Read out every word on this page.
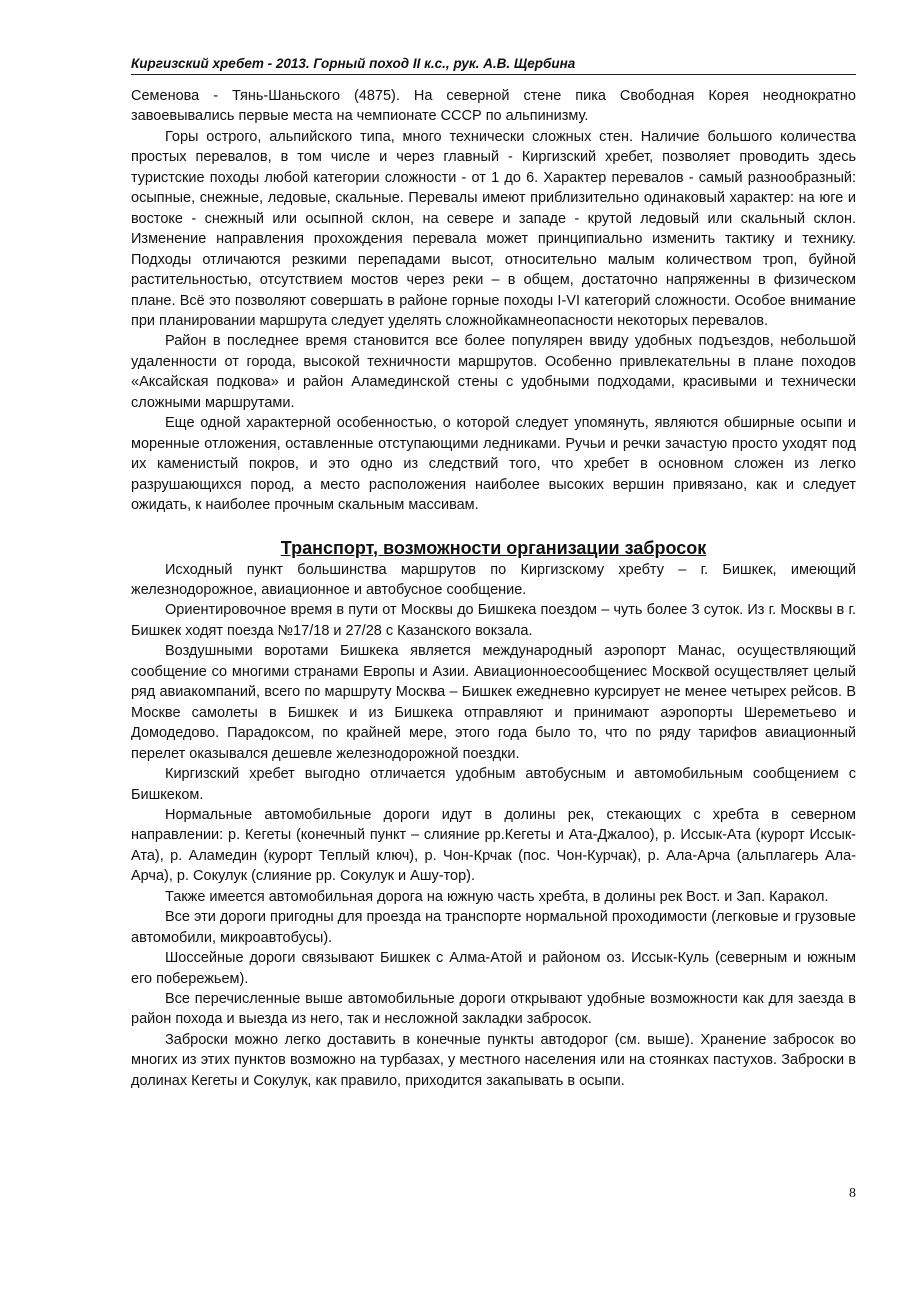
Киргизский хребет - 2013. Горный поход II к.с., рук. А.В. Щербина

Семенова - Тянь-Шаньского (4875). На северной стене пика Свободная Корея неоднократно завоевывались первые места на чемпионате СССР по альпинизму.

Горы острого, альпийского типа, много технически сложных стен. Наличие большого количества простых перевалов, в том числе и через главный - Киргизский хребет, позволяет проводить здесь туристские походы любой категории сложности - от 1 до 6. Характер перевалов - самый разнообразный: осыпные, снежные, ледовые, скальные. Перевалы имеют приблизительно одинаковый характер: на юге и востоке - снежный или осыпной склон, на севере и западе - крутой ледовый или скальный склон. Изменение направления прохождения перевала может принципиально изменить тактику и технику. Подходы отличаются резкими перепадами высот, относительно малым количеством троп, буйной растительностью, отсутствием мостов через реки – в общем, достаточно напряженны в физическом плане. Всё это позволяют совершать в районе горные походы I-VI категорий сложности. Особое внимание при планировании маршрута следует уделять сложнойкамнеопасности некоторых перевалов.

Район в последнее время становится все более популярен ввиду удобных подъездов, небольшой удаленности от города, высокой техничности маршрутов. Особенно привлекательны в плане походов «Аксайская подкова» и район Аламединской стены с удобными подходами, красивыми и технически сложными маршрутами.

Еще одной характерной особенностью, о которой следует упомянуть, являются обширные осыпи и моренные отложения, оставленные отступающими ледниками. Ручьи и речки зачастую просто уходят под их каменистый покров, и это одно из следствий того, что хребет в основном сложен из легко разрушающихся пород, а место расположения наиболее высоких вершин привязано, как и следует ожидать, к наиболее прочным скальным массивам.

Транспорт, возможности организации забросок

Исходный пункт большинства маршрутов по Киргизскому хребту – г. Бишкек, имеющий железнодорожное, авиационное и автобусное сообщение.

Ориентировочное время в пути от Москвы до Бишкека поездом – чуть более 3 суток. Из г. Москвы в г. Бишкек ходят поезда №17/18 и 27/28 с Казанского вокзала.

Воздушными воротами Бишкека является международный аэропорт Манас, осуществляющий сообщение со многими странами Европы и Азии. Авиационноесообщениес Москвой осуществляет целый ряд авиакомпаний, всего по маршруту Москва – Бишкек ежедневно курсирует не менее четырех рейсов. В Москве самолеты в Бишкек и из Бишкека отправляют и принимают аэропорты Шереметьево и Домодедово. Парадоксом, по крайней мере, этого года было то, что по ряду тарифов авиационный перелет оказывался дешевле железнодорожной поездки.

Киргизский хребет выгодно отличается удобным автобусным и автомобильным сообщением с Бишкеком.

Нормальные автомобильные дороги идут в долины рек, стекающих с хребта в северном направлении: р. Кегеты (конечный пункт – слияние рр.Кегеты и Ата-Джалоо), р. Иссык-Ата (курорт Иссык-Ата), р. Аламедин (курорт Теплый ключ), р. Чон-Крчак (пос. Чон-Курчак), р. Ала-Арча (альплагерь Ала-Арча), р. Сокулук (слияние рр. Сокулук и Ашу-тор).

Также имеется автомобильная дорога на южную часть хребта, в долины рек Вост. и Зап. Каракол.

Все эти дороги пригодны для проезда на транспорте нормальной проходимости (легковые и грузовые автомобили, микроавтобусы).

Шоссейные дороги связывают Бишкек с Алма-Атой и районом оз. Иссык-Куль (северным и южным его побережьем).

Все перечисленные выше автомобильные дороги открывают удобные возможности как для заезда в район похода и выезда из него, так и несложной закладки забросок.

Заброски можно легко доставить в конечные пункты автодорог (см. выше). Хранение забросок во многих из этих пунктов возможно на турбазах, у местного населения или на стоянках пастухов. Заброски в долинах Кегеты и Сокулук, как правило, приходится закапывать в осыпи.

8
